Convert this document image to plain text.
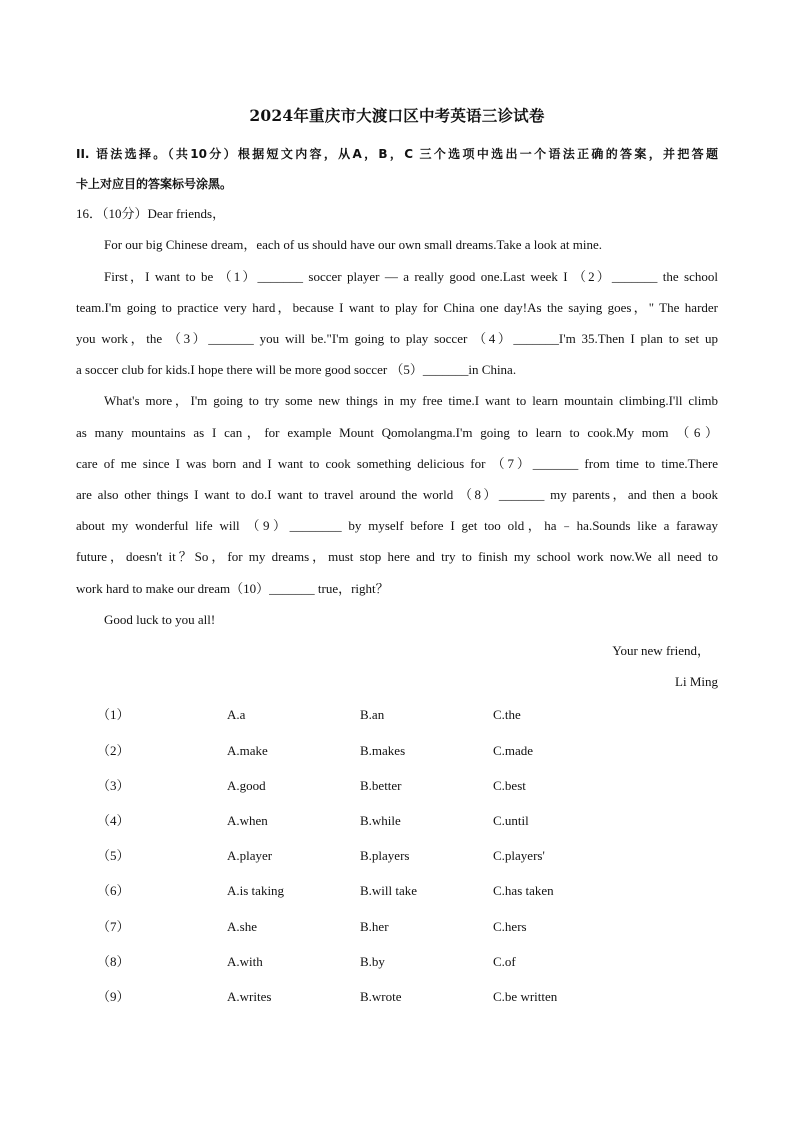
2024年重庆市大渡口区中考英语三诊试卷
II. 语法选择。（共10分）根据短文内容，从A，B，C 三个选项中选出一个语法正确的答案，并把答题
卡上对应目的答案标号涂黑。
16．（10分）Dear friends，
For our big Chinese dream，each of us should have our own small dreams.Take a look at mine.
First，I want to be （1）_______ soccer player — a really good one.Last week I （2）_______ the school
team.I'm going to practice very hard，because I want to play for China one day!As the saying goes，" The harder
you work，the （3）_______ you will be."I'm going to play soccer （4）_______I'm 35.Then I plan to set up
a soccer club for kids.I hope there will be more good soccer （5）_______in China.
What's more，I'm going to try some new things in my free time.I want to learn mountain climbing.I'll climb
as many mountains as I can，for example Mount Qomolangma.I'm going to learn to cook.My mom （6）
care of me since I was born and I want to cook something delicious for （7）_______ from time to time.There
are also other things I want to do.I want to travel around the world （8）_______ my parents，and then a book
about my wonderful life will （9）________ by myself before I get too old，ha﹣ha.Sounds like a faraway
future，doesn't it？So，for my dreams，must stop here and try to finish my school work now.We all need to
work hard to make our dream（10）_______ true，right？
Good luck to you all!
Your new friend，
Li Ming
（1）	A.a	B.an	C.the
（2）	A.make	B.makes	C.made
（3）	A.good	B.better	C.best
（4）	A.when	B.while	C.until
（5）	A.player	B.players	C.players'
（6）	A.is taking	B.will take	C.has taken
（7）	A.she	B.her	C.hers
（8）	A.with	B.by	C.of
（9）	A.writes	B.wrote	C.be written
